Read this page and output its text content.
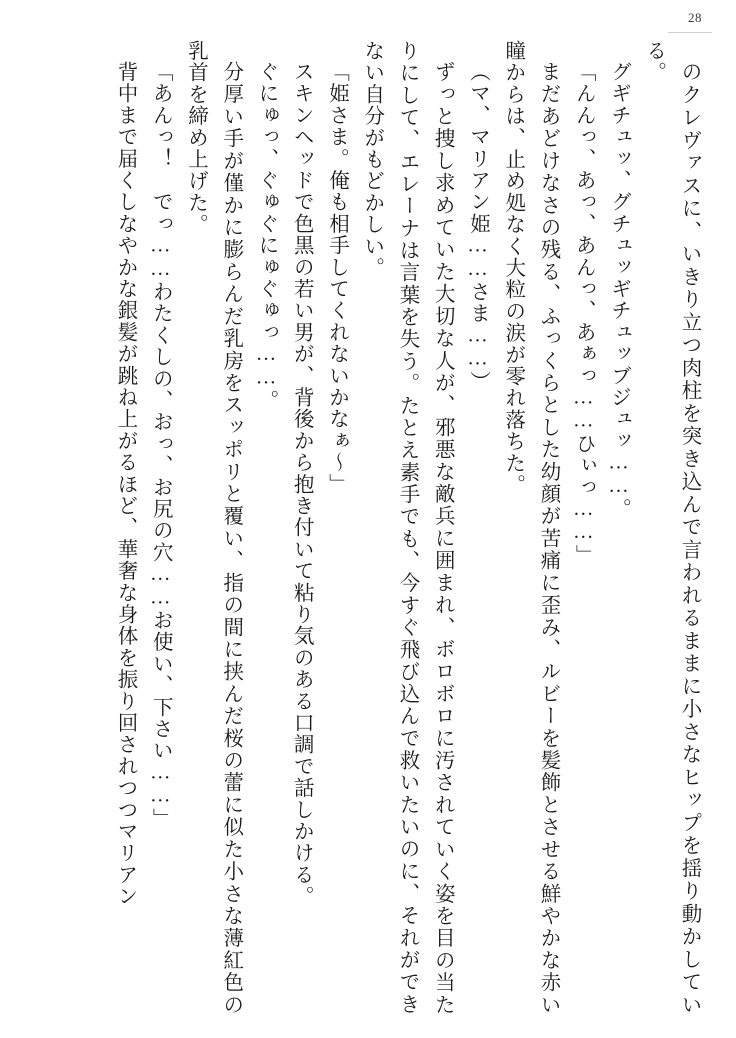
28

のクレヴァスに、いきり立つ肉柱を突き込んで言われるままに小さなヒップを揺り動かしている。

グギチュッ、グチュッギチュッブジュッ……。

「んんっ、あっ、あんっ、あぁっ……ひぃっ……」

まだあどけなさの残る、ふっくらとした幼顔が苦痛に歪み、ルビーを髪飾とさせる鮮やかな赤い瞳からは、止め処なく大粒の涙が零れ落ちた。

（マ、マリアン姫……さま……）

ずっと捜し求めていた大切な人が、邪悪な敵兵に囲まれ、ボロボロに汚されていく姿を目の当たりにして、エレーナは言葉を失う。たとえ素手でも、今すぐ飛び込んで救いたいのに、それができない自分がもどかしい。

「姫さま。俺も相手してくれないかなぁ～」

スキンヘッドで色黒の若い男が、背後から抱き付いて粘り気のある口調で話しかける。

ぐにゅっ、ぐゅぐにゅぐゅっ……。

分厚い手が僅かに膨らんだ乳房をスッポリと覆い、指の間に挟んだ桜の蕾に似た小さな薄紅色の乳首を締め上げた。

「あんっ！　でっ……わたくしの、おっ、お尻の穴……お使い、下さい……」

背中まで届くしなやかな銀髪が跳ね上がるほど、華奢な身体を振り回されつつマリアン
